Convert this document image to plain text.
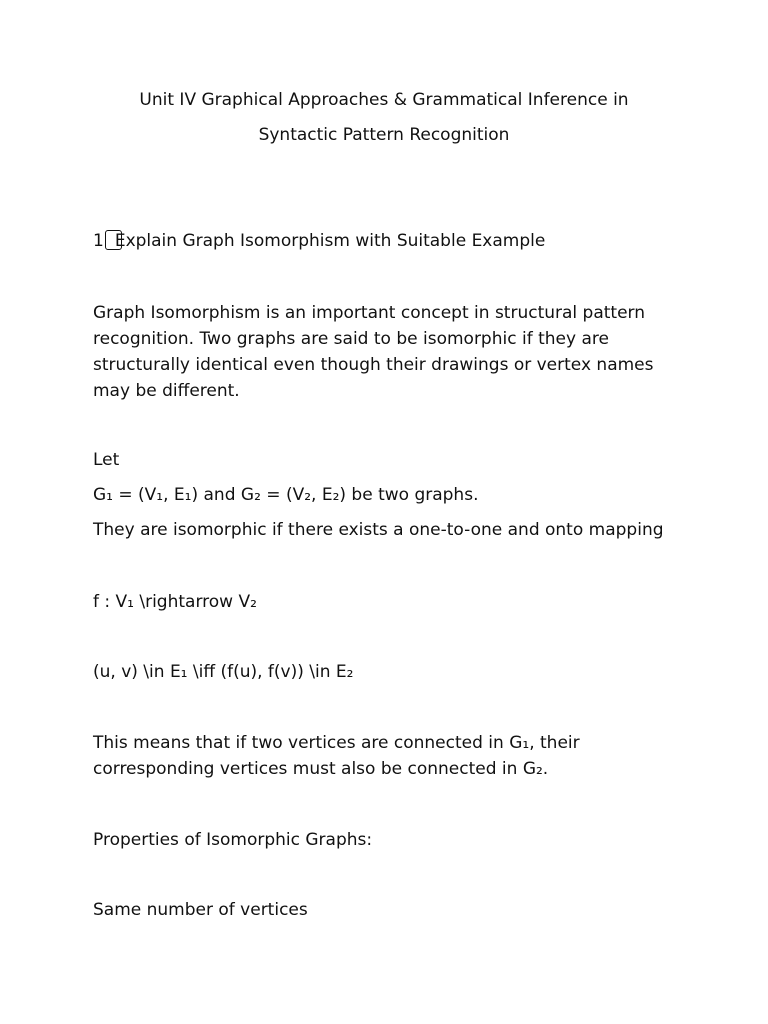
Unit IV Graphical Approaches & Grammatical Inference in
Syntactic Pattern Recognition
1 Explain Graph Isomorphism with Suitable Example
Graph Isomorphism is an important concept in structural pattern recognition. Two graphs are said to be isomorphic if they are structurally identical even though their drawings or vertex names may be different.
Let
G₁ = (V₁, E₁) and G₂ = (V₂, E₂) be two graphs.
They are isomorphic if there exists a one-to-one and onto mapping
f : V₁ \rightarrow V₂
(u, v) \in E₁ \iff (f(u), f(v)) \in E₂
This means that if two vertices are connected in G₁, their corresponding vertices must also be connected in G₂.
Properties of Isomorphic Graphs:
Same number of vertices
